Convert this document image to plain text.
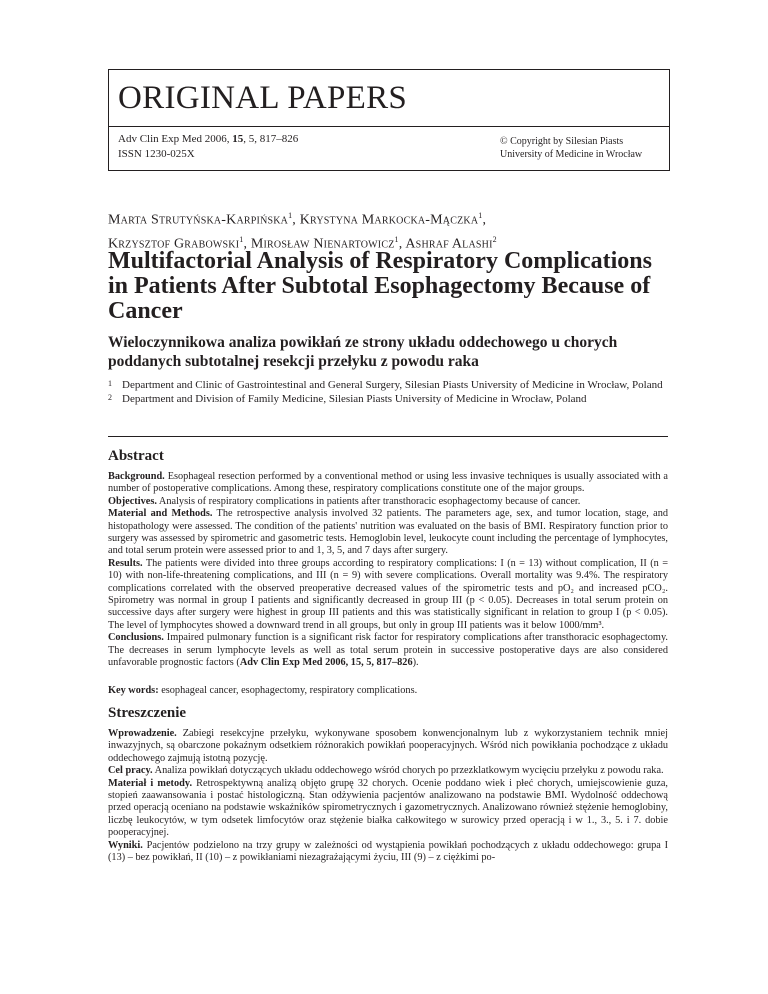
ORIGINAL PAPERS
Adv Clin Exp Med 2006, 15, 5, 817–826
ISSN 1230-025X
© Copyright by Silesian Piasts
University of Medicine in Wrocław
Marta Strutyńska-Karpińska$^1$, Krystyna Markocka-Mączka$^1$,
Krzysztof Grabowski$^1$, Mirosław Nienartowicz$^1$, Ashraf Alashi$^2$
Multifactorial Analysis of Respiratory Complications in Patients After Subtotal Esophagectomy Because of Cancer
Wieloczynnikowa analiza powikłań ze strony układu oddechowego u chorych poddanych subtotalnej resekcji przełyku z powodu raka
1 Department and Clinic of Gastrointestinal and General Surgery, Silesian Piasts University of Medicine in Wrocław, Poland
2 Department and Division of Family Medicine, Silesian Piasts University of Medicine in Wrocław, Poland
Abstract

Background. Esophageal resection performed by a conventional method or using less invasive techniques is usually associated with a number of postoperative complications. Among these, respiratory complications constitute one of the major groups.

Objectives. Analysis of respiratory complications in patients after transthoracic esophagectomy because of cancer.

Material and Methods. The retrospective analysis involved 32 patients. The parameters age, sex, and tumor location, stage, and histopathology were assessed. The condition of the patients' nutrition was evaluated on the basis of BMI. Respiratory function prior to surgery was assessed by spirometric and gasometric tests. Hemoglobin level, leukocyte count including the percentage of lymphocytes, and total serum protein were assessed prior to and 1, 3, 5, and 7 days after surgery.

Results. The patients were divided into three groups according to respiratory complications: I (n = 13) without complication, II (n = 10) with non-life-threatening complications, and III (n = 9) with severe complications. Overall mortality was 9.4%. The respiratory complications correlated with the observed preoperative decreased values of the spirometric tests and pO₂ and increased pCO₂. Spirometry was normal in group I patients and significantly decreased in group III (p < 0.05). Decreases in total serum protein on successive days after surgery were highest in group III patients and this was statistically significant in relation to group I (p < 0.05). The level of lymphocytes showed a downward trend in all groups, but only in group III patients was it below 1000/mm³.

Conclusions. Impaired pulmonary function is a significant risk factor for respiratory complications after transthoracic esophagectomy. The decreases in serum lymphocyte levels as well as total serum protein in successive postoperative days are also considered unfavorable prognostic factors (Adv Clin Exp Med 2006, 15, 5, 817–826).

Key words: esophageal cancer, esophagectomy, respiratory complications.
Streszczenie

Wprowadzenie. Zabiegi resekcyjne przełyku, wykonywane sposobem konwencjonalnym lub z wykorzystaniem technik mniej inwazyjnych, są obarczone pokaźnym odsetkiem różnorakich powikłań pooperacyjnych. Wśród nich powikłania pochodzące z układu oddechowego zajmują istotną pozycję.

Cel pracy. Analiza powikłań dotyczących układu oddechowego wśród chorych po przezklatkowym wycięciu przełyku z powodu raka.

Materiał i metody. Retrospektywną analizą objęto grupę 32 chorych. Ocenie poddano wiek i płeć chorych, umiejscowienie guza, stopień zaawansowania i postać histologiczną. Stan odżywienia pacjentów analizowano na podstawie BMI. Wydolność oddechową przed operacją oceniano na podstawie wskaźników spirometrycznych i gazometrycznych. Analizowano również stężenie hemoglobiny, liczbę leukocytów, w tym odsetek limfocytów oraz stężenie białka całkowitego w surowicy przed operacją i w 1., 3., 5. i 7. dobie pooperacyjnej.

Wyniki. Pacjentów podzielono na trzy grupy w zależności od wystąpienia powikłań pochodzących z układu oddechowego: grupa I (13) – bez powikłań, II (10) – z powikłaniami niezagrażającymi życiu, III (9) – z ciężkimi po-
